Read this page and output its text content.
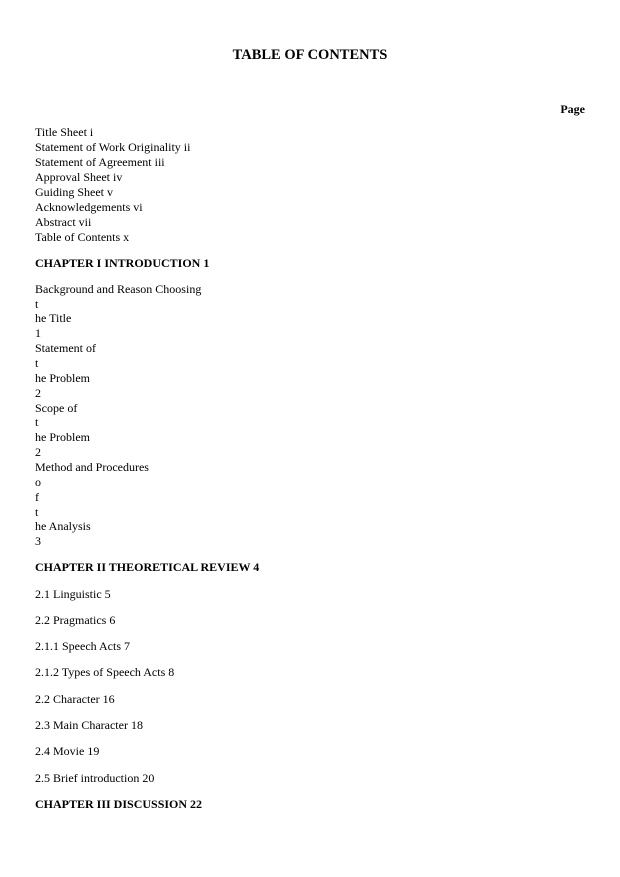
TABLE OF CONTENTS
Page
Title Sheet i
Statement of Work Originality ii
Statement of Agreement iii
Approval Sheet iv
Guiding Sheet v
Acknowledgements vi
Abstract vii
Table of Contents x
CHAPTER I INTRODUCTION 1
Background and Reason Choosing
t
he Title
1
Statement of
t
he Problem
2
Scope of
t
he Problem
2
Method and Procedures
o
f
t
he Analysis
3
CHAPTER II THEORETICAL REVIEW 4
2.1 Linguistic 5
2.2 Pragmatics 6
2.1.1 Speech Acts 7
2.1.2 Types of Speech Acts 8
2.2 Character 16
2.3 Main Character 18
2.4 Movie 19
2.5 Brief introduction 20
CHAPTER III DISCUSSION 22
